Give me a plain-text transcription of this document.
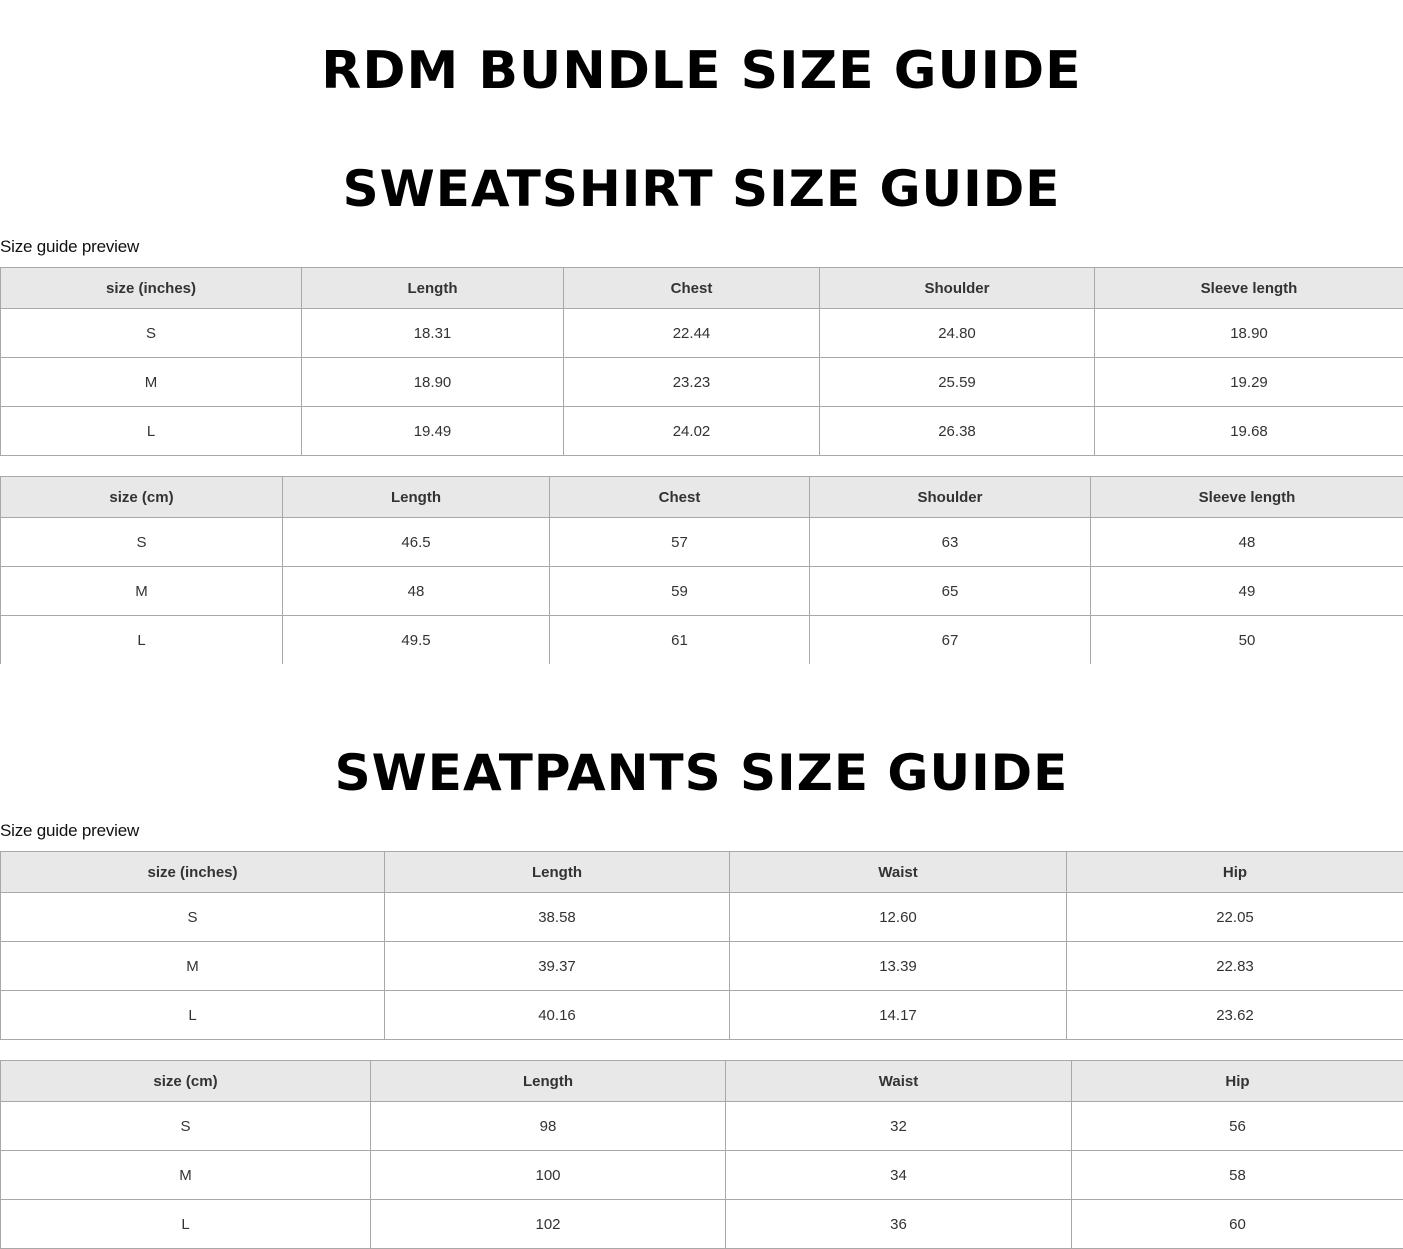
RDM BUNDLE SIZE GUIDE
SWEATSHIRT SIZE GUIDE

Size guide preview

size (inches)	Length	Chest	Shoulder	Sleeve length
S	18.31	22.44	24.80	18.90
M	18.90	23.23	25.59	19.29
L	19.49	24.02	26.38	19.68
size (cm)	Length	Chest	Shoulder	Sleeve length
S	46.5	57	63	48
M	48	59	65	49
L	49.5	61	67	50
SWEATPANTS SIZE GUIDE

Size guide preview

size (inches)	Length	Waist	Hip
S	38.58	12.60	22.05
M	39.37	13.39	22.83
L	40.16	14.17	23.62
size (cm)	Length	Waist	Hip
S	98	32	56
M	100	34	58
L	102	36	60
